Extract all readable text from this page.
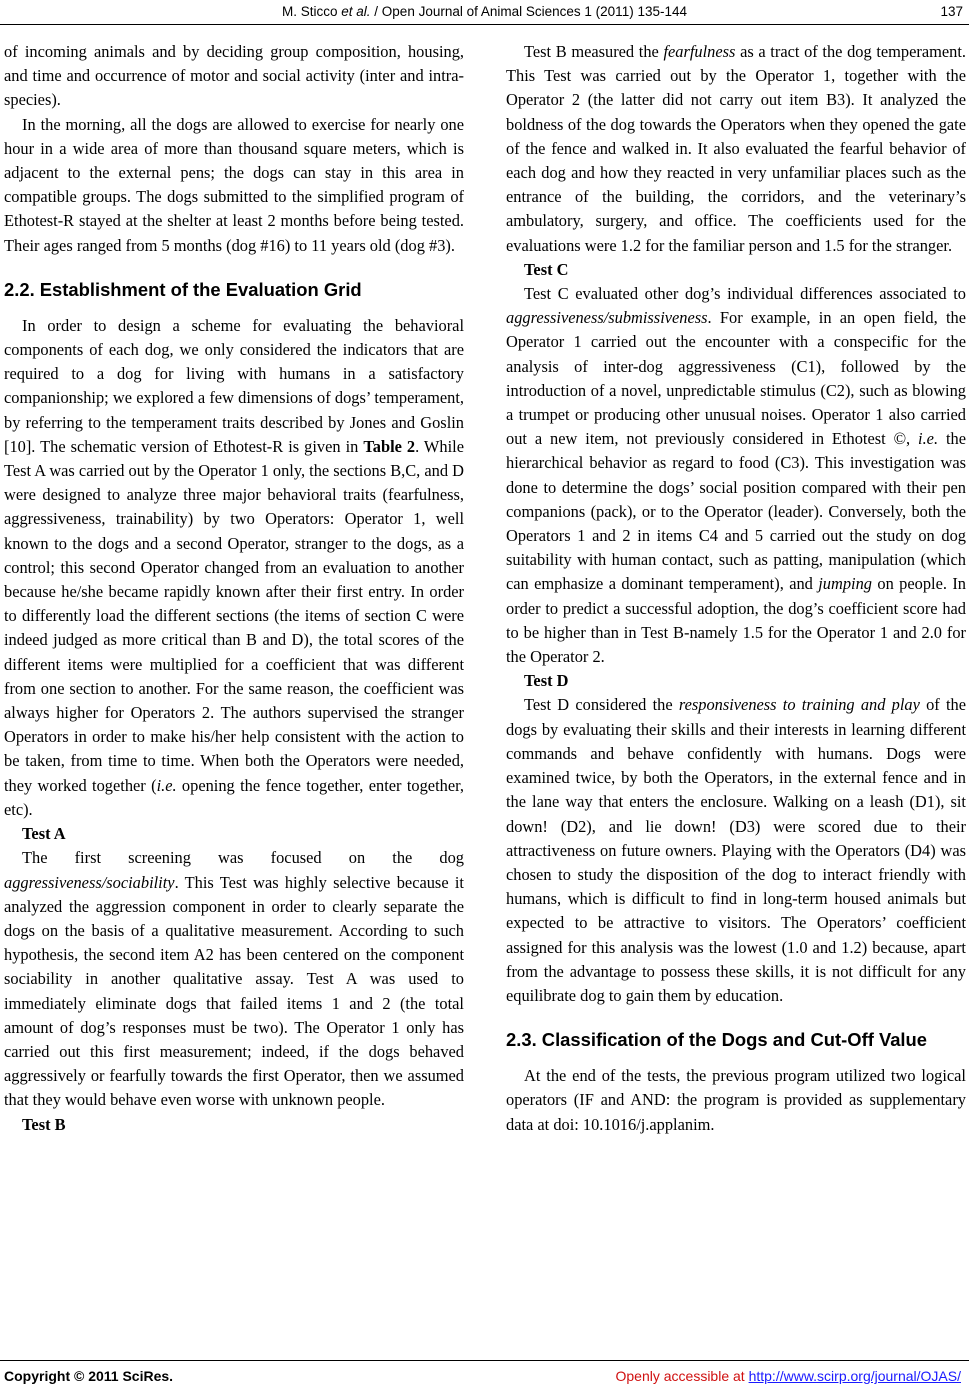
M. Sticco et al. / Open Journal of Animal Sciences 1 (2011) 135-144	137

of incoming animals and by deciding group composition, housing, and time and occurrence of motor and social activity (inter and intra-species).

In the morning, all the dogs are allowed to exercise for nearly one hour in a wide area of more than thousand square meters, which is adjacent to the external pens; the dogs can stay in this area in compatible groups. The dogs submitted to the simplified program of Ethotest-R stayed at the shelter at least 2 months before being tested. Their ages ranged from 5 months (dog #16) to 11 years old (dog #3).

2.2. Establishment of the Evaluation Grid

In order to design a scheme for evaluating the behavioral components of each dog, we only considered the indicators that are required to a dog for living with humans in a satisfactory companionship; we explored a few dimensions of dogs’ temperament, by referring to the temperament traits described by Jones and Goslin [10]. The schematic version of Ethotest-R is given in Table 2. While Test A was carried out by the Operator 1 only, the sections B,C, and D were designed to analyze three major behavioral traits (fearfulness, aggressiveness, trainability) by two Operators: Operator 1, well known to the dogs and a second Operator, stranger to the dogs, as a control; this second Operator changed from an evaluation to another because he/she became rapidly known after their first entry. In order to differently load the different sections (the items of section C were indeed judged as more critical than B and D), the total scores of the different items were multiplied for a coefficient that was different from one section to another. For the same reason, the coefficient was always higher for Operators 2. The authors supervised the stranger Operators in order to make his/her help consistent with the action to be taken, from time to time. When both the Operators were needed, they worked together (i.e. opening the fence together, enter together, etc).

Test A

The first screening was focused on the dog aggressiveness/sociability. This Test was highly selective because it analyzed the aggression component in order to clearly separate the dogs on the basis of a qualitative measurement. According to such hypothesis, the second item A2 has been centered on the component sociability in another qualitative assay. Test A was used to immediately eliminate dogs that failed items 1 and 2 (the total amount of dog’s responses must be two). The Operator 1 only has carried out this first measurement; indeed, if the dogs behaved aggressively or fearfully towards the first Operator, then we assumed that they would behave even worse with unknown people.

Test B

Test B measured the fearfulness as a tract of the dog temperament. This Test was carried out by the Operator 1, together with the Operator 2 (the latter did not carry out item B3). It analyzed the boldness of the dog towards the Operators when they opened the gate of the fence and walked in. It also evaluated the fearful behavior of each dog and how they reacted in very unfamiliar places such as the entrance of the building, the corridors, and the veterinary’s ambulatory, surgery, and office. The coefficients used for the evaluations were 1.2 for the familiar person and 1.5 for the stranger.

Test C

Test C evaluated other dog’s individual differences associated to aggressiveness/submissiveness. For example, in an open field, the Operator 1 carried out the encounter with a conspecific for the analysis of inter-dog aggressiveness (C1), followed by the introduction of a novel, unpredictable stimulus (C2), such as blowing a trumpet or producing other unusual noises. Operator 1 also carried out a new item, not previously considered in Ethotest ©, i.e. the hierarchical behavior as regard to food (C3). This investigation was done to determine the dogs’ social position compared with their pen companions (pack), or to the Operator (leader). Conversely, both the Operators 1 and 2 in items C4 and 5 carried out the study on dog suitability with human contact, such as patting, manipulation (which can emphasize a dominant temperament), and jumping on people. In order to predict a successful adoption, the dog’s coefficient score had to be higher than in Test B-namely 1.5 for the Operator 1 and 2.0 for the Operator 2.

Test D

Test D considered the responsiveness to training and play of the dogs by evaluating their skills and their interests in learning different commands and behave confidently with humans. Dogs were examined twice, by both the Operators, in the external fence and in the lane way that enters the enclosure. Walking on a leash (D1), sit down! (D2), and lie down! (D3) were scored due to their attractiveness on future owners. Playing with the Operators (D4) was chosen to study the disposition of the dog to interact friendly with humans, which is difficult to find in long-term housed animals but expected to be attractive to visitors. The Operators’ coefficient assigned for this analysis was the lowest (1.0 and 1.2) because, apart from the advantage to possess these skills, it is not difficult for any equilibrate dog to gain them by education.

2.3. Classification of the Dogs and Cut-Off Value

At the end of the tests, the previous program utilized two logical operators (IF and AND: the program is provided as supplementary data at doi: 10.1016/j.applanim.

Copyright © 2011 SciRes.	Openly accessible at http://www.scirp.org/journal/OJAS/
